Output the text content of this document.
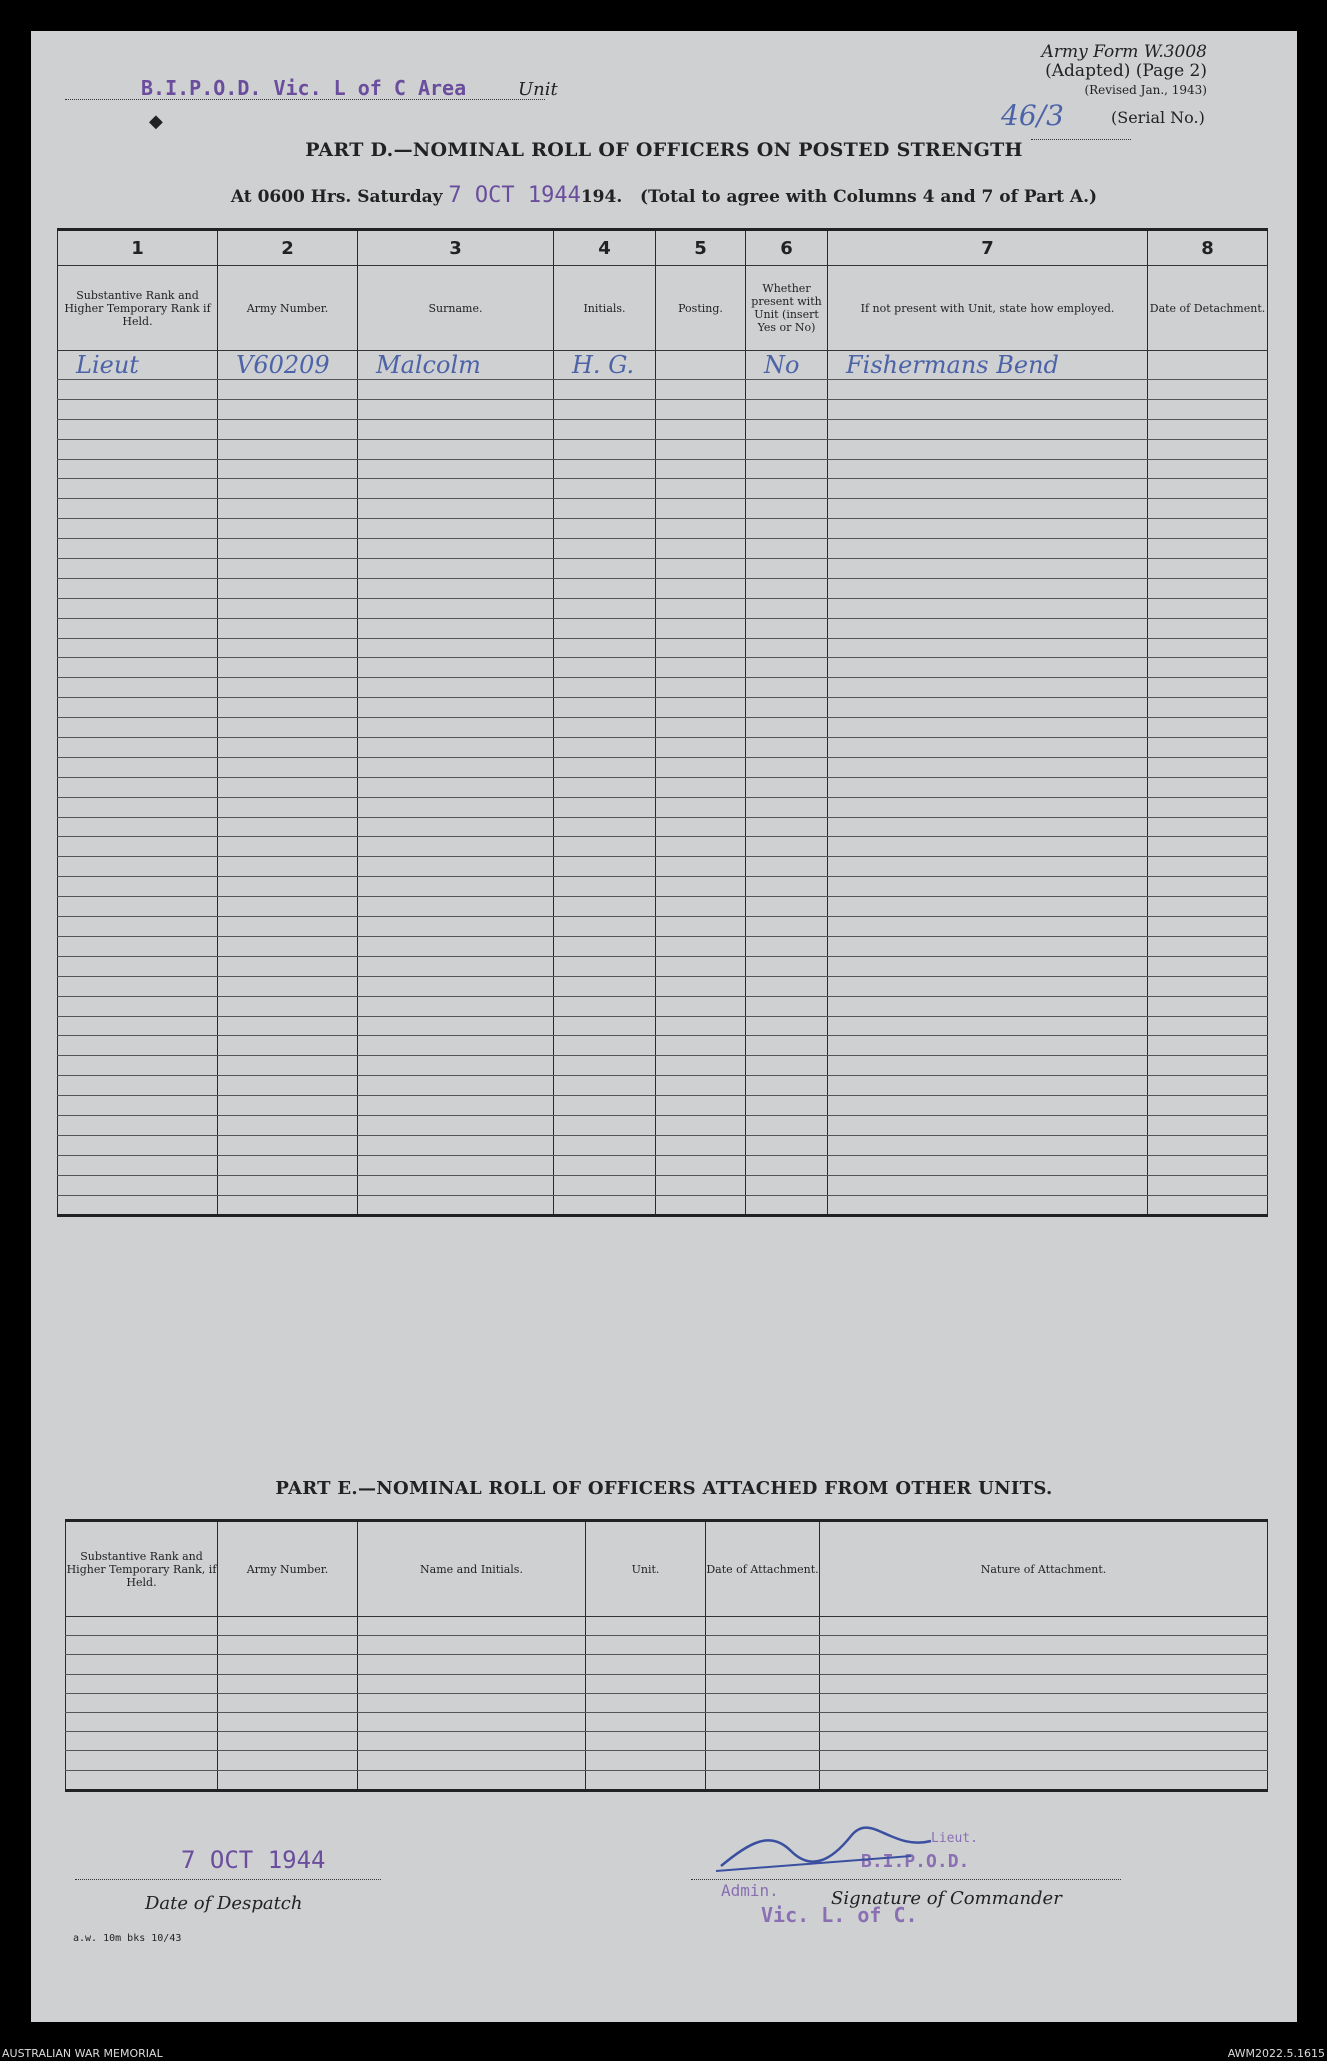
Army Form W.3008
(Adapted) (Page 2)
(Revised Jan., 1943)
B.I.P.O.D. Vic. L of C Area	Unit
46/3	(Serial No.)
◆
PART D.—NOMINAL ROLL OF OFFICERS ON POSTED STRENGTH
At 0600 Hrs. Saturday 7 OCT 1944194. (Total to agree with Columns 4 and 7 of Part A.)
1	2	3	4	5	6	7	8
Substantive Rank and Higher Temporary Rank if Held.	Army Number.	Surname.	Initials.	Posting.	Whether present with Unit (insert Yes or No)	If not present with Unit, state how employed.	Date of Detachment.
Lieut	V60209	Malcolm	H. G.		No	Fishermans Bend	

PART E.—NOMINAL ROLL OF OFFICERS ATTACHED FROM OTHER UNITS.
Substantive Rank and Higher Temporary Rank, if Held.	Army Number.	Name and Initials.	Unit.	Date of Attachment.	Nature of Attachment.

7 OCT 1944
Date of Despatch
Lieut.
B.I.P.O.D.
Admin.
Vic. L. of C.
Signature of Commander
a.w. 10m bks 10/43
AUSTRALIAN WAR MEMORIAL	AWM2022.5.1615
